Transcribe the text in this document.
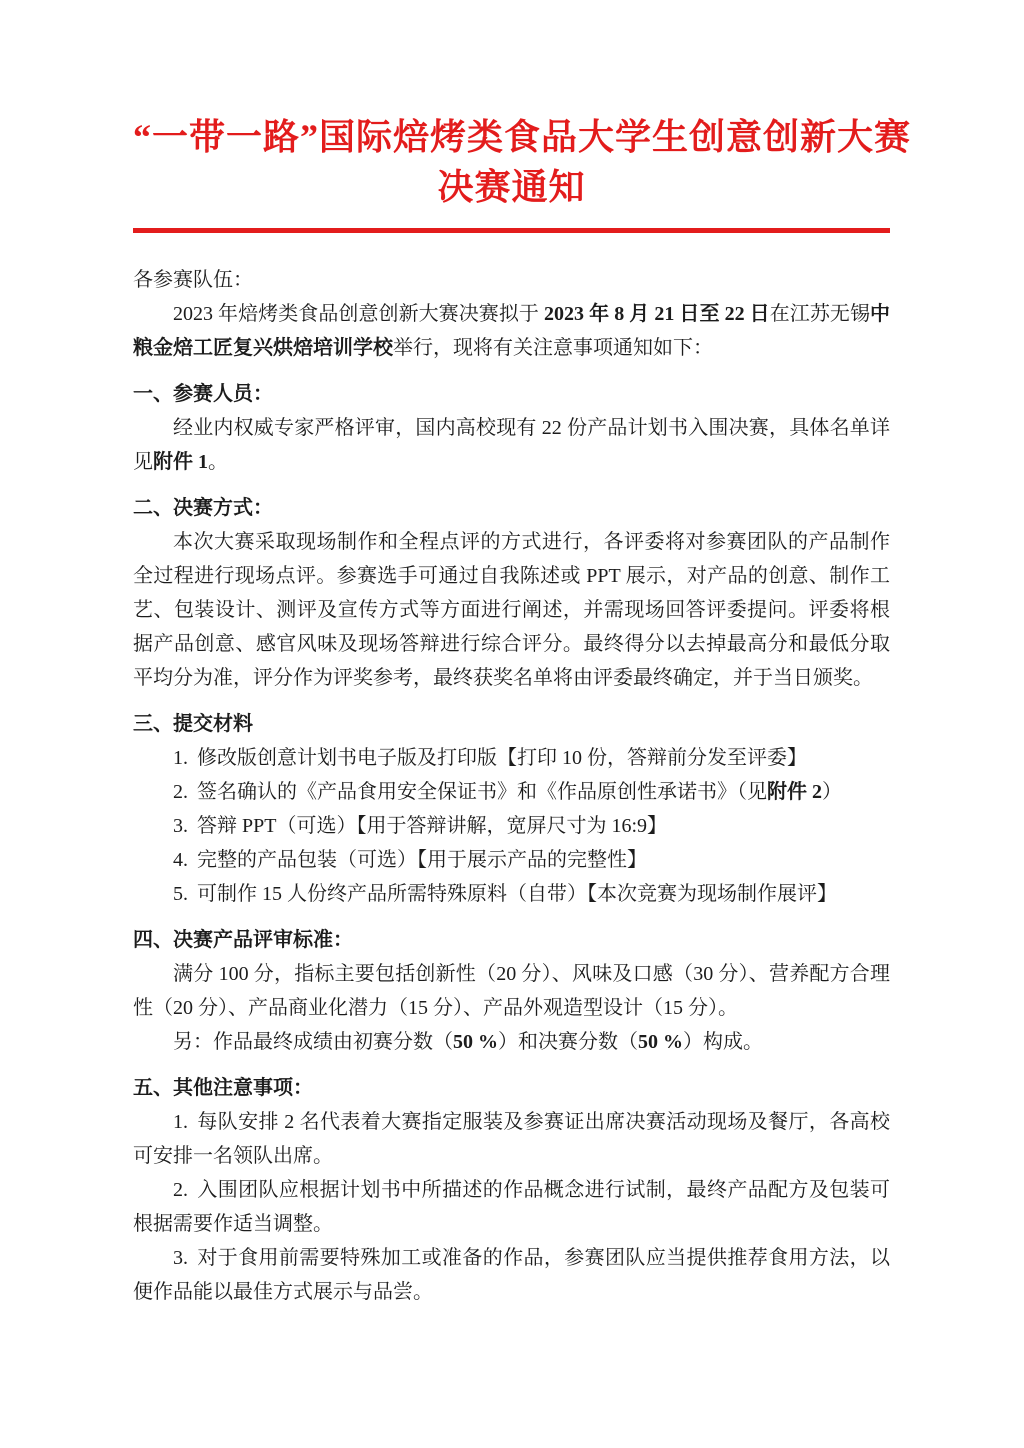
“一带一路”国际焙烤类食品大学生创意创新大赛
决赛通知

各参赛队伍：

2023 年焙烤类食品创意创新大赛决赛拟于 2023 年 8 月 21 日至 22 日在江苏无锡中粮金焙工匠复兴烘焙培训学校举行，现将有关注意事项通知如下：

一、参赛人员：

经业内权威专家严格评审，国内高校现有 22 份产品计划书入围决赛，具体名单详见附件 1。

二、决赛方式：

本次大赛采取现场制作和全程点评的方式进行，各评委将对参赛团队的产品制作全过程进行现场点评。参赛选手可通过自我陈述或 PPT 展示，对产品的创意、制作工艺、包装设计、测评及宣传方式等方面进行阐述，并需现场回答评委提问。评委将根据产品创意、感官风味及现场答辩进行综合评分。最终得分以去掉最高分和最低分取平均分为准，评分作为评奖参考，最终获奖名单将由评委最终确定，并于当日颁奖。

三、提交材料

1. 修改版创意计划书电子版及打印版【打印 10 份，答辩前分发至评委】
2. 签名确认的《产品食用安全保证书》和《作品原创性承诺书》（见附件 2）
3. 答辩 PPT（可选）【用于答辩讲解，宽屏尺寸为 16:9】
4. 完整的产品包装（可选）【用于展示产品的完整性】
5. 可制作 15 人份终产品所需特殊原料（自带）【本次竞赛为现场制作展评】

四、决赛产品评审标准：

满分 100 分，指标主要包括创新性（20 分）、风味及口感（30 分）、营养配方合理性（20 分）、产品商业化潜力（15 分）、产品外观造型设计（15 分）。

另：作品最终成绩由初赛分数（50 %）和决赛分数（50 %）构成。

五、其他注意事项：

1. 每队安排 2 名代表着大赛指定服装及参赛证出席决赛活动现场及餐厅，各高校可安排一名领队出席。

2. 入围团队应根据计划书中所描述的作品概念进行试制，最终产品配方及包装可根据需要作适当调整。

3. 对于食用前需要特殊加工或准备的作品，参赛团队应当提供推荐食用方法，以便作品能以最佳方式展示与品尝。
